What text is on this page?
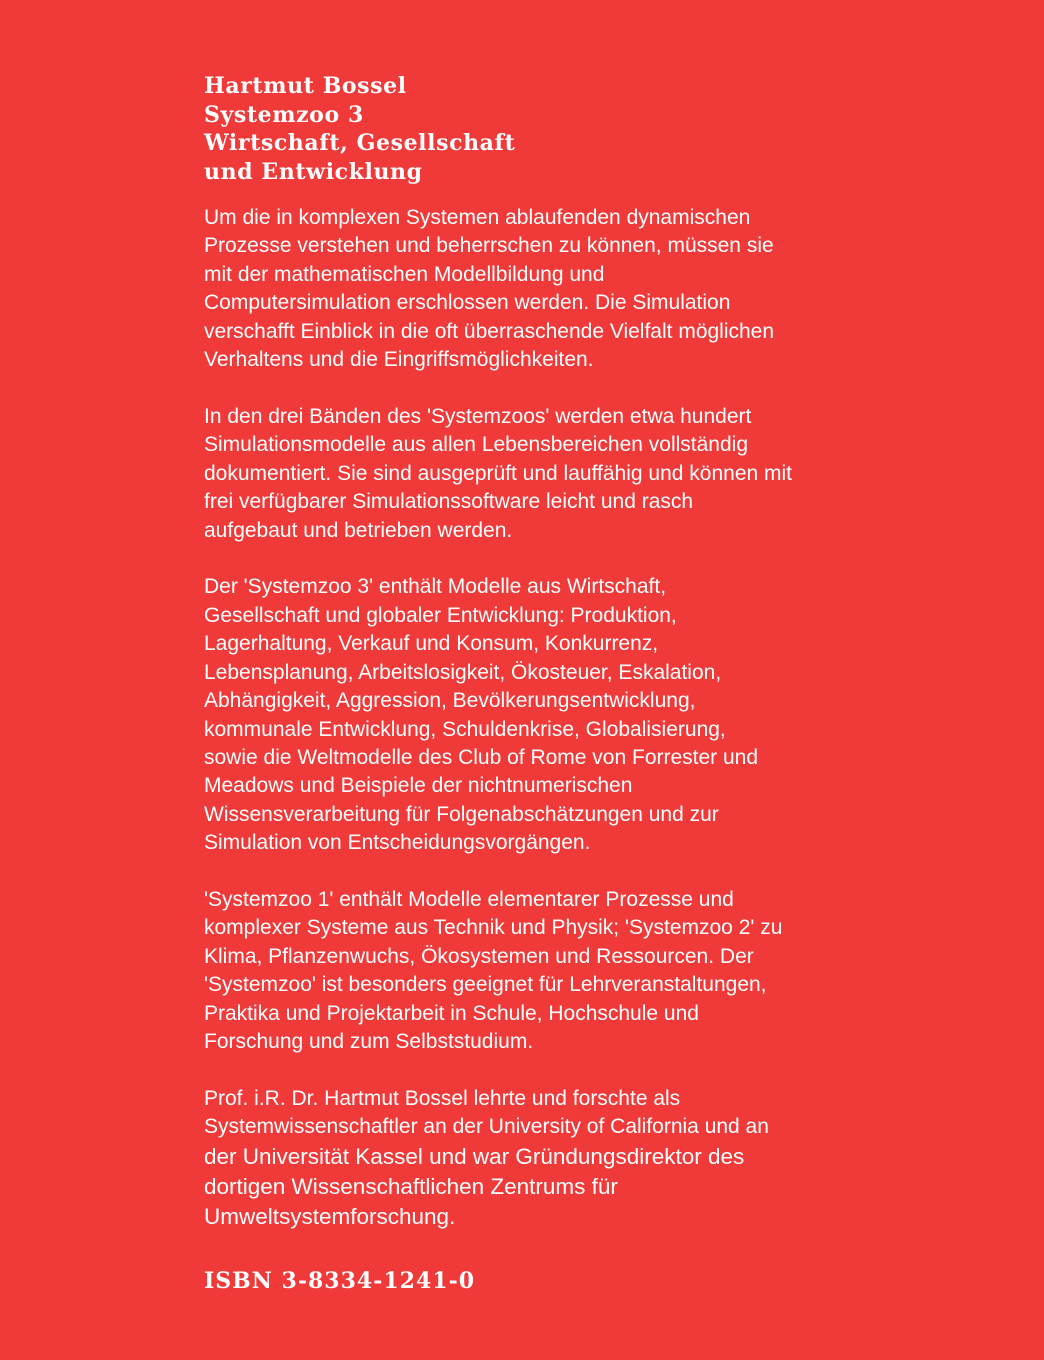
Hartmut Bossel
Systemzoo 3
Wirtschaft, Gesellschaft
und Entwicklung
Um die in komplexen Systemen ablaufenden dynamischen
Prozesse verstehen und beherrschen zu können, müssen sie
mit der mathematischen Modellbildung und
Computersimulation erschlossen werden. Die Simulation
verschafft Einblick in die oft überraschende Vielfalt möglichen
Verhaltens und die Eingriffsmöglichkeiten.
In den drei Bänden des 'Systemzoos' werden etwa hundert
Simulationsmodelle aus allen Lebensbereichen vollständig
dokumentiert. Sie sind ausgeprüft und lauffähig und können mit
frei verfügbarer Simulationssoftware leicht und rasch
aufgebaut und betrieben werden.
Der 'Systemzoo 3' enthält Modelle aus Wirtschaft,
Gesellschaft und globaler Entwicklung: Produktion,
Lagerhaltung, Verkauf und Konsum, Konkurrenz,
Lebensplanung, Arbeitslosigkeit, Ökosteuer, Eskalation,
Abhängigkeit, Aggression, Bevölkerungsentwicklung,
kommunale Entwicklung, Schuldenkrise, Globalisierung,
sowie die Weltmodelle des Club of Rome von Forrester und
Meadows und Beispiele der nichtnumerischen
Wissensverarbeitung für Folgenabschätzungen und zur
Simulation von Entscheidungsvorgängen.
'Systemzoo 1' enthält Modelle elementarer Prozesse und
komplexer Systeme aus Technik und Physik; 'Systemzoo 2' zu
Klima, Pflanzenwuchs, Ökosystemen und Ressourcen. Der
'Systemzoo' ist besonders geeignet für Lehrveranstaltungen,
Praktika und Projektarbeit in Schule, Hochschule und
Forschung und zum Selbststudium.
Prof. i.R. Dr. Hartmut Bossel lehrte und forschte als
Systemwissenschaftler an der University of California und an
der Universität Kassel und war Gründungsdirektor des
dortigen Wissenschaftlichen Zentrums für
Umweltsystemforschung.
ISBN 3-8334-1241-0
